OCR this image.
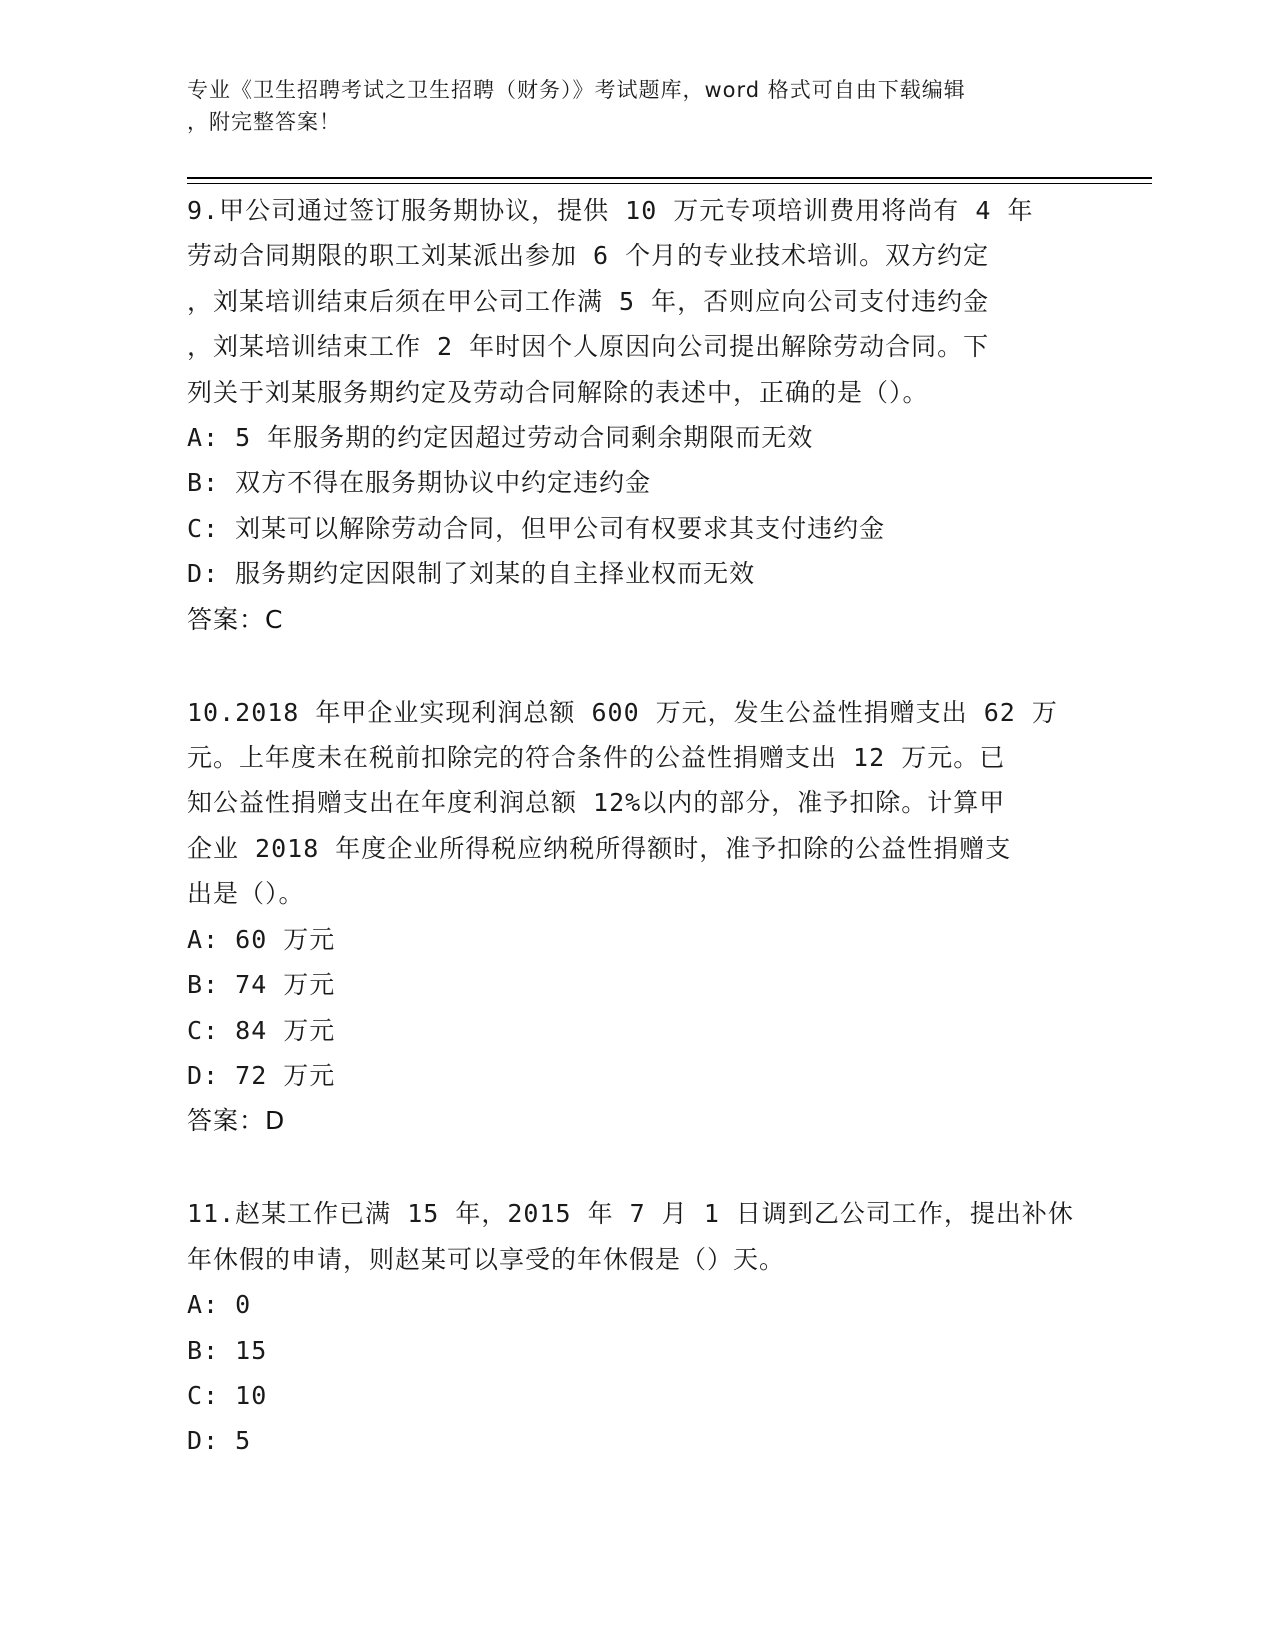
专业《卫生招聘考试之卫生招聘（财务）》考试题库，word 格式可自由下载编辑
，附完整答案！
9.甲公司通过签订服务期协议，提供 10 万元专项培训费用将尚有 4 年
劳动合同期限的职工刘某派出参加 6 个月的专业技术培训。双方约定
，刘某培训结束后须在甲公司工作满 5 年，否则应向公司支付违约金
，刘某培训结束工作 2 年时因个人原因向公司提出解除劳动合同。下
列关于刘某服务期约定及劳动合同解除的表述中，正确的是（）。
A: 5 年服务期的约定因超过劳动合同剩余期限而无效
B: 双方不得在服务期协议中约定违约金
C: 刘某可以解除劳动合同，但甲公司有权要求其支付违约金
D: 服务期约定因限制了刘某的自主择业权而无效
答案：C
10.2018 年甲企业实现利润总额 600 万元，发生公益性捐赠支出 62 万
元。上年度未在税前扣除完的符合条件的公益性捐赠支出 12 万元。已
知公益性捐赠支出在年度利润总额 12%以内的部分，准予扣除。计算甲
企业 2018 年度企业所得税应纳税所得额时，准予扣除的公益性捐赠支
出是（）。
A: 60 万元
B: 74 万元
C: 84 万元
D: 72 万元
答案：D
11.赵某工作已满 15 年，2015 年 7 月 1 日调到乙公司工作，提出补休
年休假的申请，则赵某可以享受的年休假是（）天。
A: 0
B: 15
C: 10
D: 5
